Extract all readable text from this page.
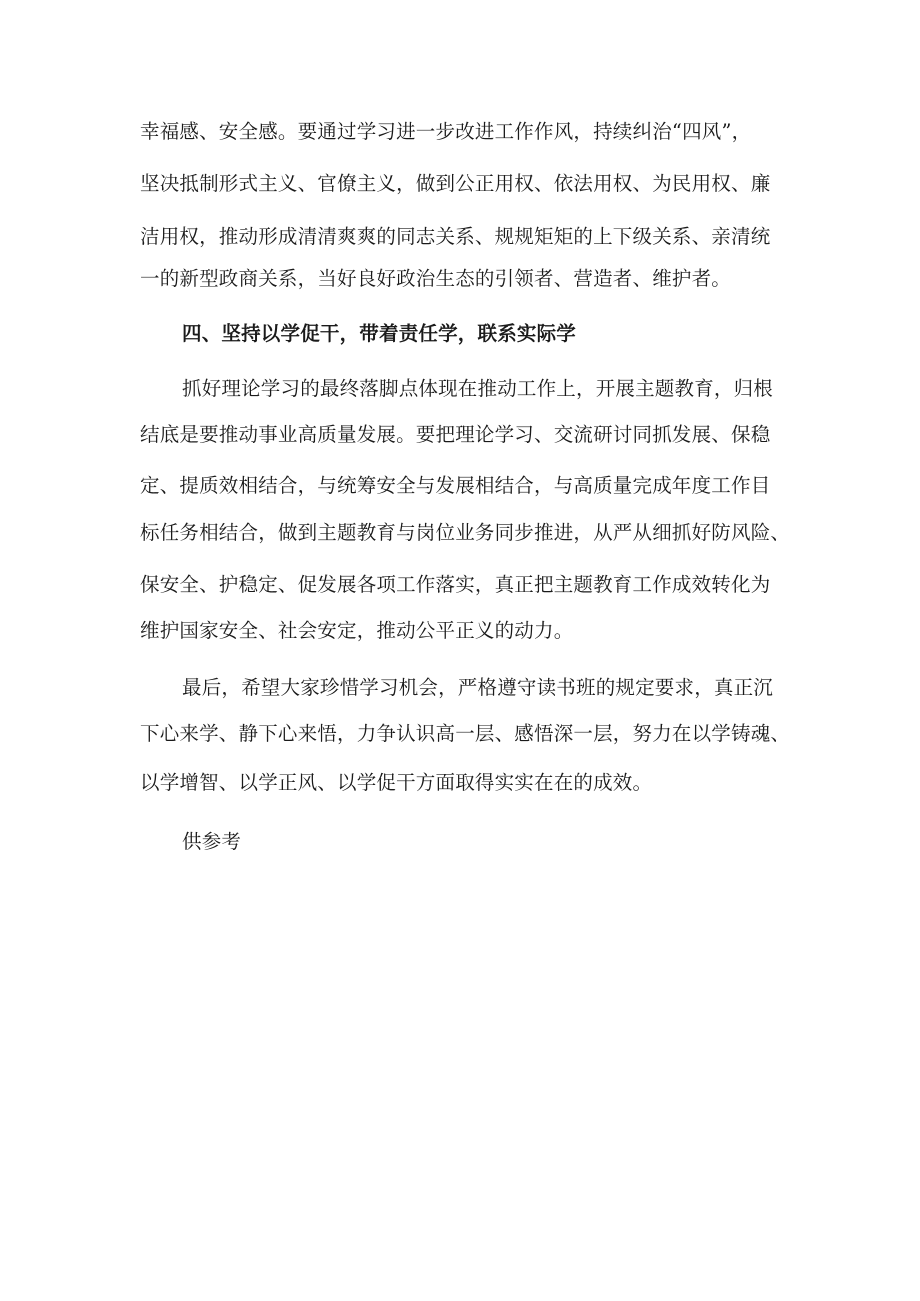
幸福感、安全感。要通过学习进一步改进工作作风，持续纠治“四风”，
坚决抵制形式主义、官僚主义，做到公正用权、依法用权、为民用权、廉
洁用权，推动形成清清爽爽的同志关系、规规矩矩的上下级关系、亲清统
一的新型政商关系，当好良好政治生态的引领者、营造者、维护者。
四、坚持以学促干，带着责任学，联系实际学
抓好理论学习的最终落脚点体现在推动工作上，开展主题教育，归根
结底是要推动事业高质量发展。要把理论学习、交流研讨同抓发展、保稳
定、提质效相结合，与统筹安全与发展相结合，与高质量完成年度工作目
标任务相结合，做到主题教育与岗位业务同步推进，从严从细抓好防风险、
保安全、护稳定、促发展各项工作落实，真正把主题教育工作成效转化为
维护国家安全、社会安定，推动公平正义的动力。
最后，希望大家珍惜学习机会，严格遵守读书班的规定要求，真正沉
下心来学、静下心来悟，力争认识高一层、感悟深一层，努力在以学铸魂、
以学增智、以学正风、以学促干方面取得实实在在的成效。
供参考
